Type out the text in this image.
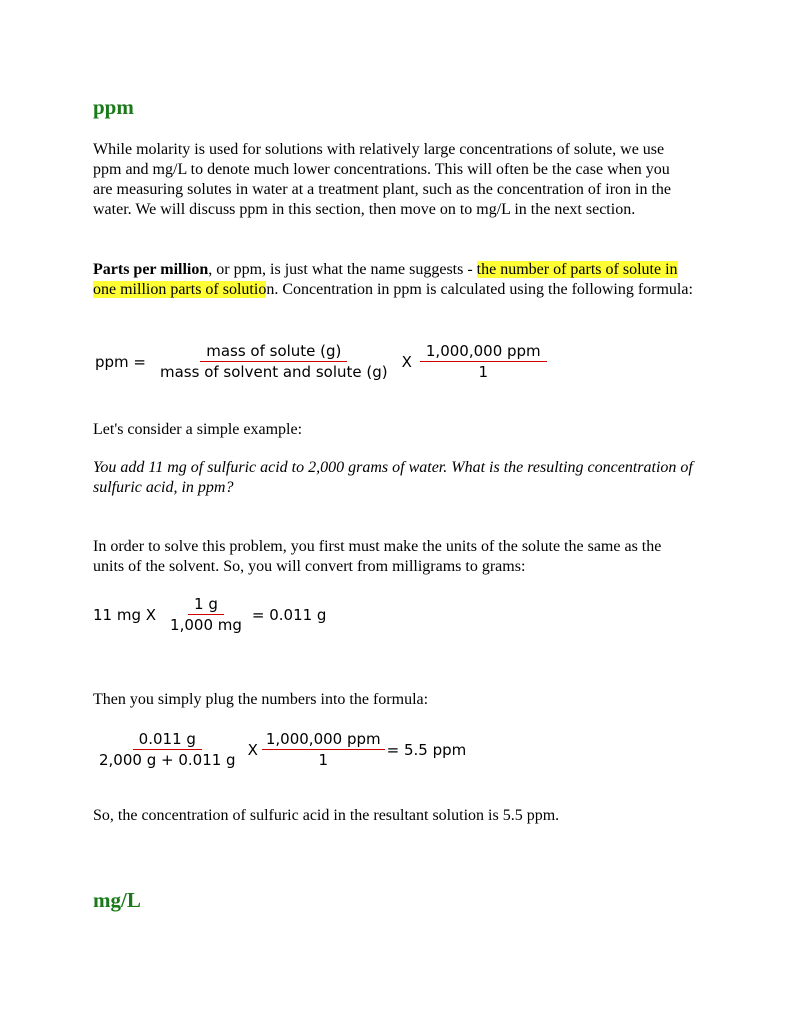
ppm

While molarity is used for solutions with relatively large concentrations of solute, we use ppm and mg/L to denote much lower concentrations. This will often be the case when you are measuring solutes in water at a treatment plant, such as the concentration of iron in the water. We will discuss ppm in this section, then move on to mg/L in the next section.

Parts per million, or ppm, is just what the name suggests - the number of parts of solute in one million parts of solution. Concentration in ppm is calculated using the following formula:

ppm = $\frac{\text{mass of solute (g)}}{\text{mass of solvent and solute (g)}}$ X $\frac{\text{1,000,000 ppm}}{1}$

Let's consider a simple example:

You add 11 mg of sulfuric acid to 2,000 grams of water. What is the resulting concentration of sulfuric acid, in ppm?

In order to solve this problem, you first must make the units of the solute the same as the units of the solvent. So, you will convert from milligrams to grams:

11 mg X $\frac{1 g}{1,000 mg} = 0.011$ g

Then you simply plug the numbers into the formula:

$\frac{0.011 g}{2,000 g + 0.011 g}$ X $\frac{\text{1,000,000 ppm}}{1} = 5.5$ ppm

So, the concentration of sulfuric acid in the resultant solution is 5.5 ppm.

mg/L
